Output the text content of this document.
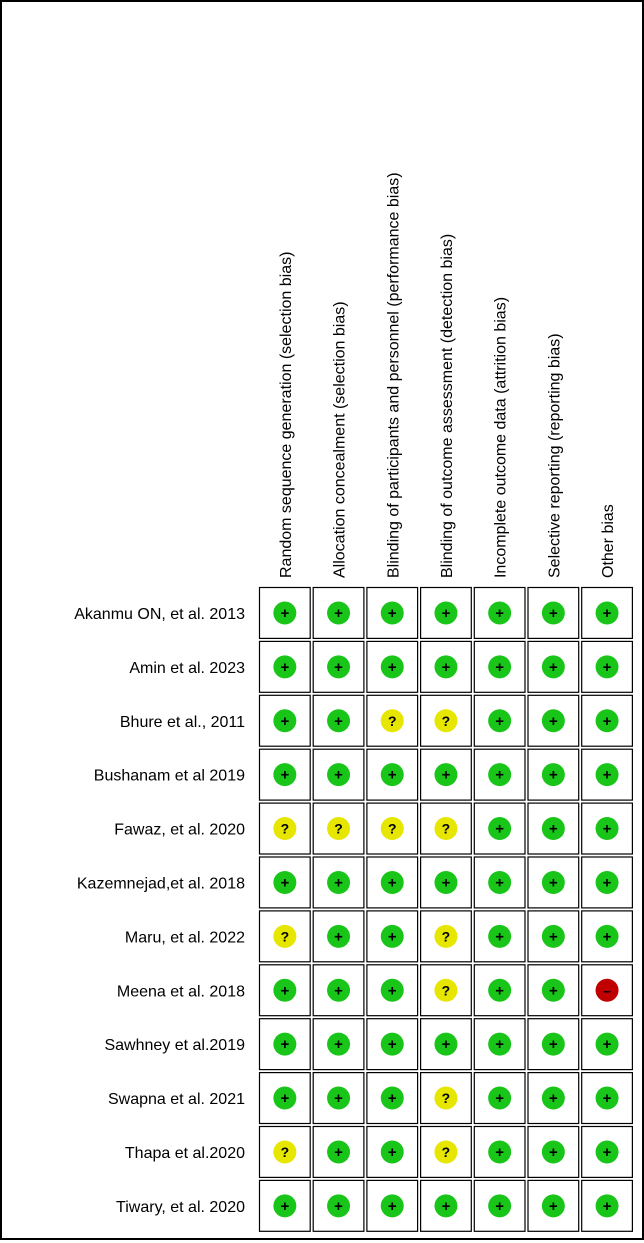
Random sequence generation (selection bias) Allocation concealment (selection bias) Blinding of participants and personnel (performance bias) Blinding of outcome assessment (detection bias) Incomplete outcome data (attrition bias) Selective reporting (reporting bias) Other bias
Akanmu ON, et al. 2013 +	+	+	+	+	+	+
Amin et al. 2023 +	+	+	+	+	+	+
Bhure et al., 2011 +	+	?	?	+	+	+
Bushanam et al 2019 +	+	+	+	+	+	+
Fawaz, et al. 2020	?	?	?	?	+	+	+
Kazemnejad,et al. 2018 +	+	+	+	+	+	+
Maru, et al. 2022	?	+	+	?	+	+	+
Meena et al. 2018 +	+	+	?	+	+	–
Sawhney et al.2019 +	+	+	+	+	+	+
Swapna et al. 2021 +	+	+	?	+	+	+
Thapa et al.2020	?	+	+	?	+	+	+
Tiwary, et al. 2020 +	+	+	+	+	+	+
